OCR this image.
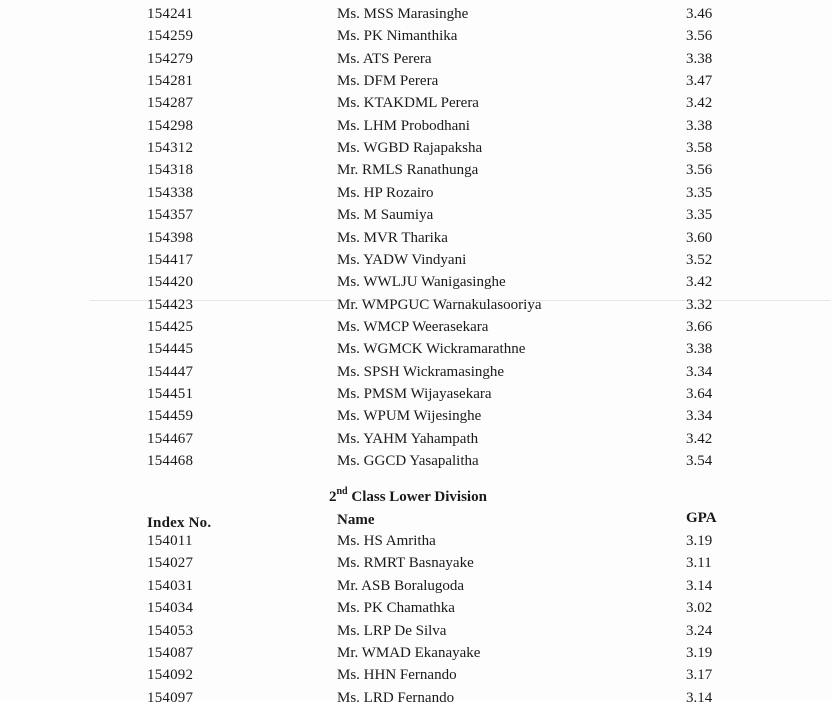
154241	Ms. MSS Marasinghe	3.46
154259	Ms. PK Nimanthika	3.56
154279	Ms. ATS Perera	3.38
154281	Ms. DFM Perera	3.47
154287	Ms. KTAKDML Perera	3.42
154298	Ms. LHM Probodhani	3.38
154312	Ms. WGBD Rajapaksha	3.58
154318	Mr. RMLS Ranathunga	3.56
154338	Ms. HP Rozairo	3.35
154357	Ms. M Saumiya	3.35
154398	Ms. MVR Tharika	3.60
154417	Ms. YADW Vindyani	3.52
154420	Ms. WWLJU Wanigasinghe	3.42
154423	Mr. WMPGUC Warnakulasooriya	3.32
154425	Ms. WMCP Weerasekara	3.66
154445	Ms. WGMCK Wickramarathne	3.38
154447	Ms. SPSH Wickramasinghe	3.34
154451	Ms. PMSM Wijayasekara	3.64
154459	Ms. WPUM Wijesinghe	3.34
154467	Ms. YAHM Yahampath	3.42
154468	Ms. GGCD Yasapalitha	3.54
2nd Class Lower Division
Index No.	Name	GPA
154011	Ms. HS Amritha	3.19
154027	Ms. RMRT Basnayake	3.11
154031	Mr. ASB Boralugoda	3.14
154034	Ms. PK Chamathka	3.02
154053	Ms. LRP De Silva	3.24
154087	Mr. WMAD Ekanayake	3.19
154092	Ms. HHN Fernando	3.17
154097	Ms. LRD Fernando	3.14
